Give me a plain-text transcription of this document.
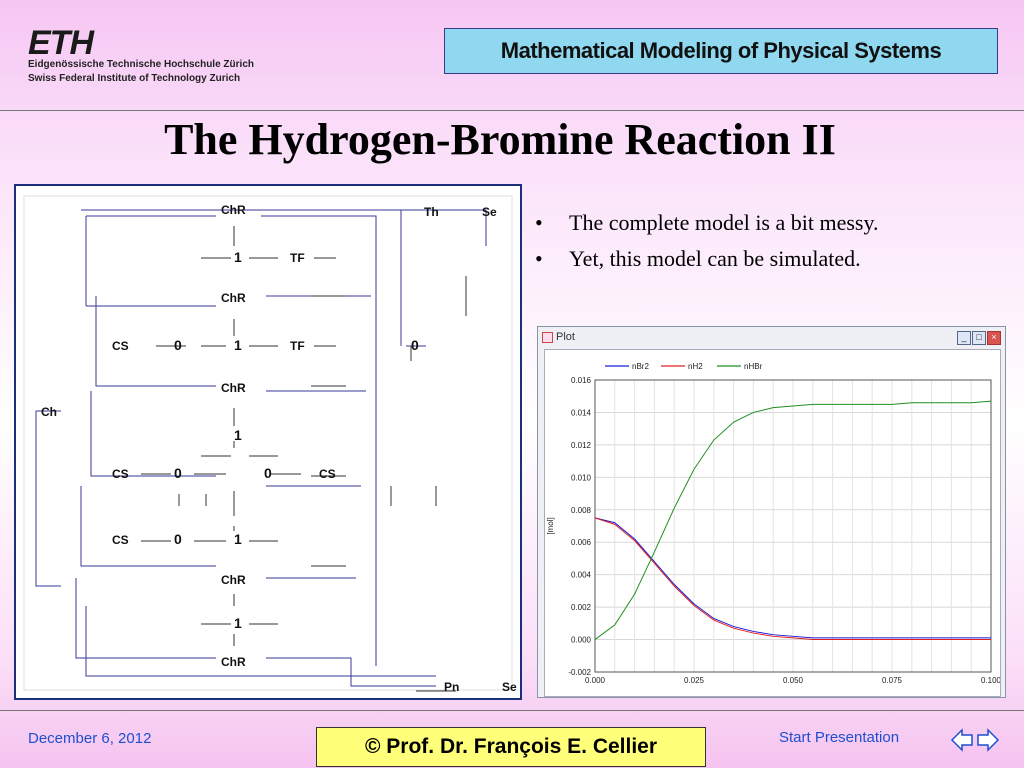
ETH
Eidgenössische Technische Hochschule Zürich
Swiss Federal Institute of Technology Zurich
Mathematical Modeling of Physical Systems
The Hydrogen-Bromine Reaction II
ChR
ChR
ChR
ChR
ChR
1
1
1
1
1
0
0
0
0
0
TF
TF
CS
CS
CS
CS
Ch
Th	Se
Pn	Se
•	The complete model is a bit messy.
•	Yet, this model can be simulated.
Plot	_	□	×
-0.002
0.000
0.002
0.004
0.006
0.008
0.010
0.012
0.014
0.016
0.000	0.025	0.050	0.075	0.100
[mol]
nBr2	nH2	nHBr
December 6, 2012	© Prof. Dr. François E. Cellier	Start Presentation
